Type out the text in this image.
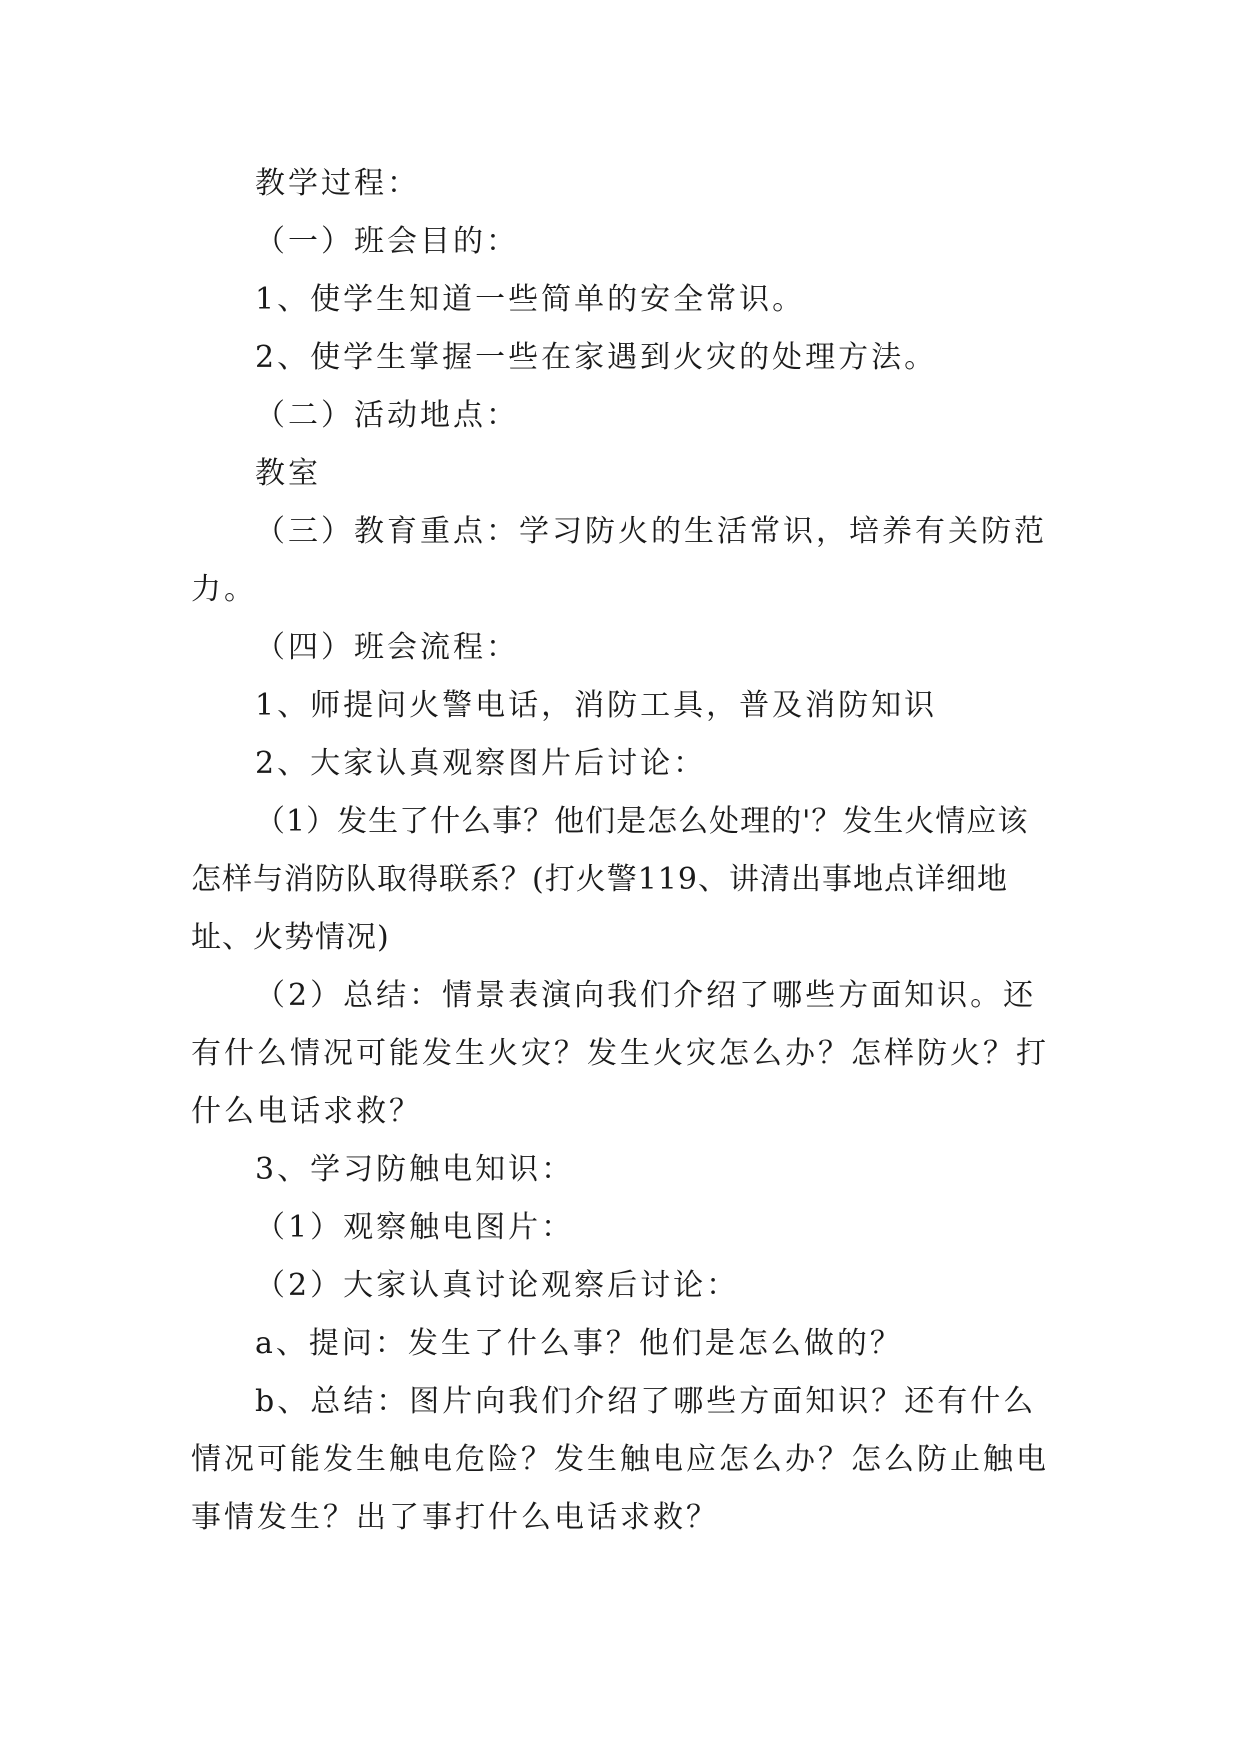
教学过程：

（一）班会目的：

1、使学生知道一些简单的安全常识。

2、使学生掌握一些在家遇到火灾的处理方法。

（二）活动地点：

教室

（三）教育重点：学习防火的生活常识，培养有关防范力。

（四）班会流程：

1、师提问火警电话，消防工具，普及消防知识

2、大家认真观察图片后讨论：

（1）发生了什么事？他们是怎么处理的'？发生火情应该怎样与消防队取得联系？(打火警119、讲清出事地点详细地址、火势情况)

（2）总结：情景表演向我们介绍了哪些方面知识。还有什么情况可能发生火灾？发生火灾怎么办？怎样防火？打什么电话求救？

3、学习防触电知识：

（1）观察触电图片：

（2）大家认真讨论观察后讨论：

a、提问：发生了什么事？他们是怎么做的？

b、总结：图片向我们介绍了哪些方面知识？还有什么情况可能发生触电危险？发生触电应怎么办？怎么防止触电事情发生？出了事打什么电话求救？
